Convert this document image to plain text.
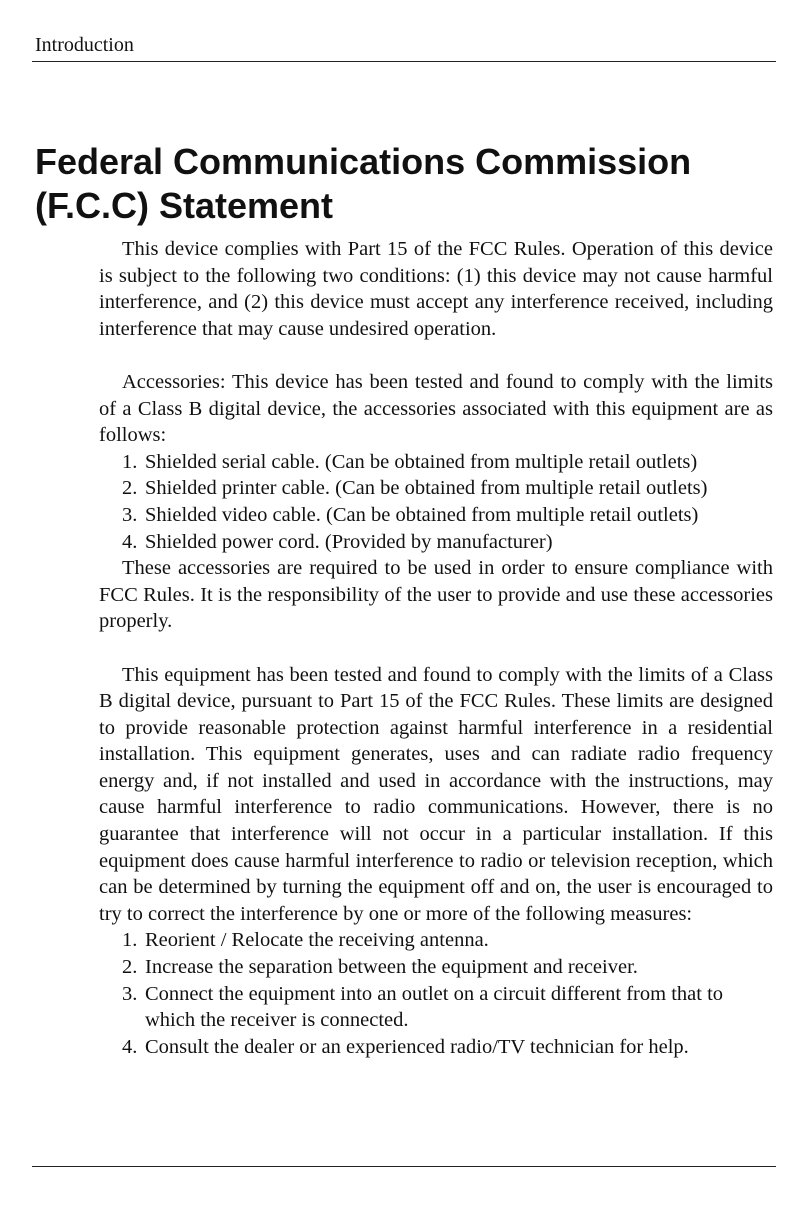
Introduction
Federal Communications Commission
(F.C.C) Statement

This device complies with Part 15 of the FCC Rules. Operation of this device is subject to the following two conditions: (1) this device may not cause harmful interference, and (2) this device must accept any interference received, including interference that may cause undesired operation.

Accessories: This device has been tested and found to comply with the limits of a Class B digital device, the accessories associated with this equipment are as follows:

1. Shielded serial cable. (Can be obtained from multiple retail outlets)
2. Shielded printer cable. (Can be obtained from multiple retail outlets)
3. Shielded video cable. (Can be obtained from multiple retail outlets)
4. Shielded power cord. (Provided by manufacturer)

These accessories are required to be used in order to ensure compliance with FCC Rules. It is the responsibility of the user to provide and use these accessories properly.

This equipment has been tested and found to comply with the limits of a Class B digital device, pursuant to Part 15 of the FCC Rules. These limits are designed to provide reasonable protection against harmful interference in a residential installation. This equipment generates, uses and can radiate radio frequency energy and, if not installed and used in accordance with the instructions, may cause harmful interference to radio communications. However, there is no guarantee that interference will not occur in a particular installation. If this equipment does cause harmful interference to radio or television reception, which can be determined by turning the equipment off and on, the user is encouraged to try to correct the interference by one or more of the following measures:

1. Reorient / Relocate the receiving antenna.
2. Increase the separation between the equipment and receiver.
3. Connect the equipment into an outlet on a circuit different from that to which the receiver is connected.
4. Consult the dealer or an experienced radio/TV technician for help.
